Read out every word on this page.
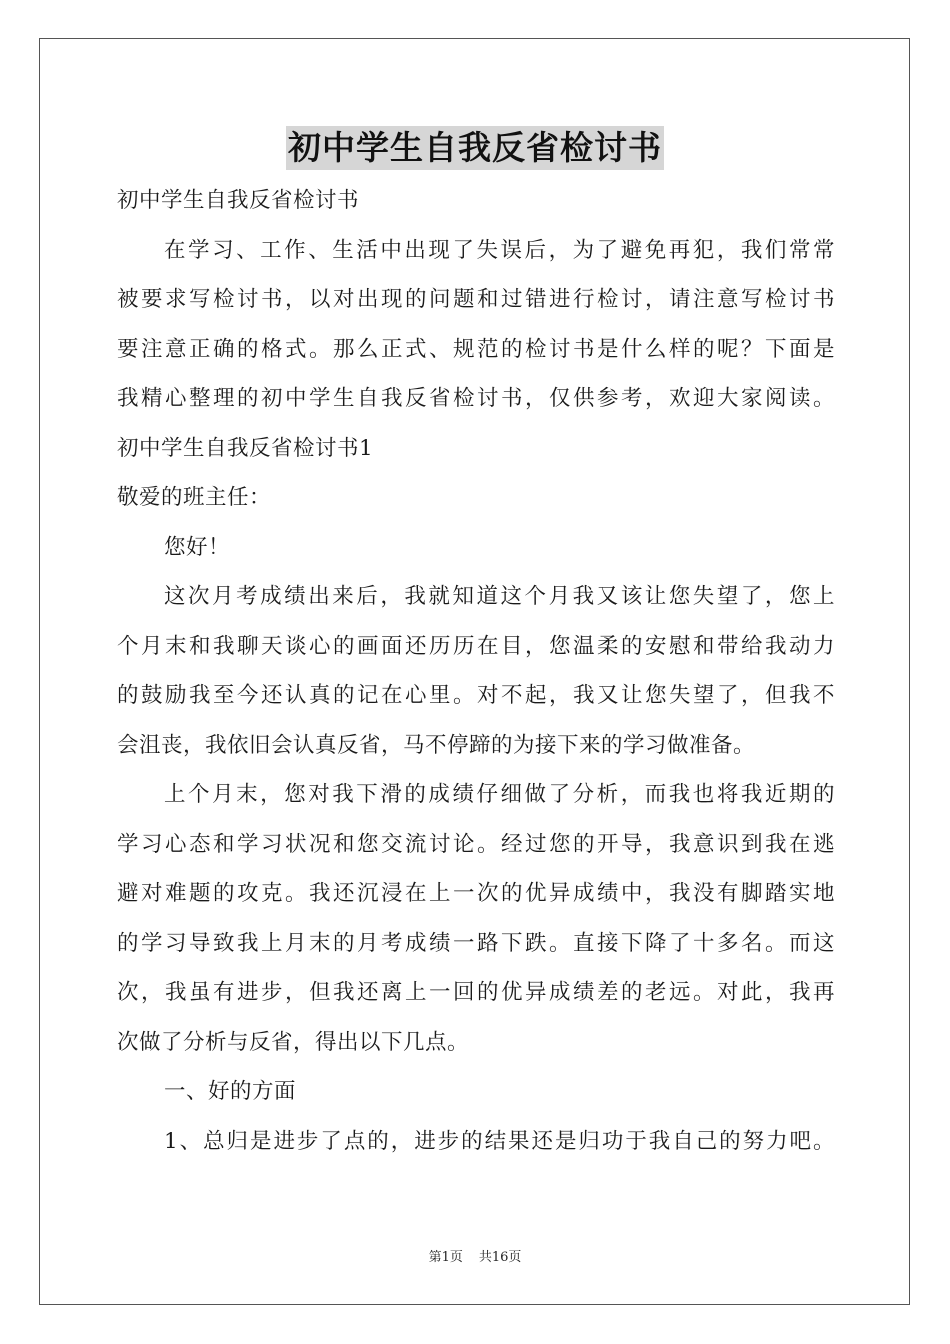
初中学生自我反省检讨书
初中学生自我反省检讨书
在学习、工作、生活中出现了失误后，为了避免再犯，我们常常
被要求写检讨书，以对出现的问题和过错进行检讨，请注意写检讨书
要注意正确的格式。那么正式、规范的检讨书是什么样的呢？下面是
我精心整理的初中学生自我反省检讨书，仅供参考，欢迎大家阅读。
初中学生自我反省检讨书1
敬爱的班主任：
您好！
这次月考成绩出来后，我就知道这个月我又该让您失望了，您上
个月末和我聊天谈心的画面还历历在目，您温柔的安慰和带给我动力
的鼓励我至今还认真的记在心里。对不起，我又让您失望了，但我不
会沮丧，我依旧会认真反省，马不停蹄的为接下来的学习做准备。
上个月末，您对我下滑的成绩仔细做了分析，而我也将我近期的
学习心态和学习状况和您交流讨论。经过您的开导，我意识到我在逃
避对难题的攻克。我还沉浸在上一次的优异成绩中，我没有脚踏实地
的学习导致我上月末的月考成绩一路下跌。直接下降了十多名。而这
次，我虽有进步，但我还离上一回的优异成绩差的老远。对此，我再
次做了分析与反省，得出以下几点。
一、好的方面
1、总归是进步了点的，进步的结果还是归功于我自己的努力吧。
第1页 共16页
